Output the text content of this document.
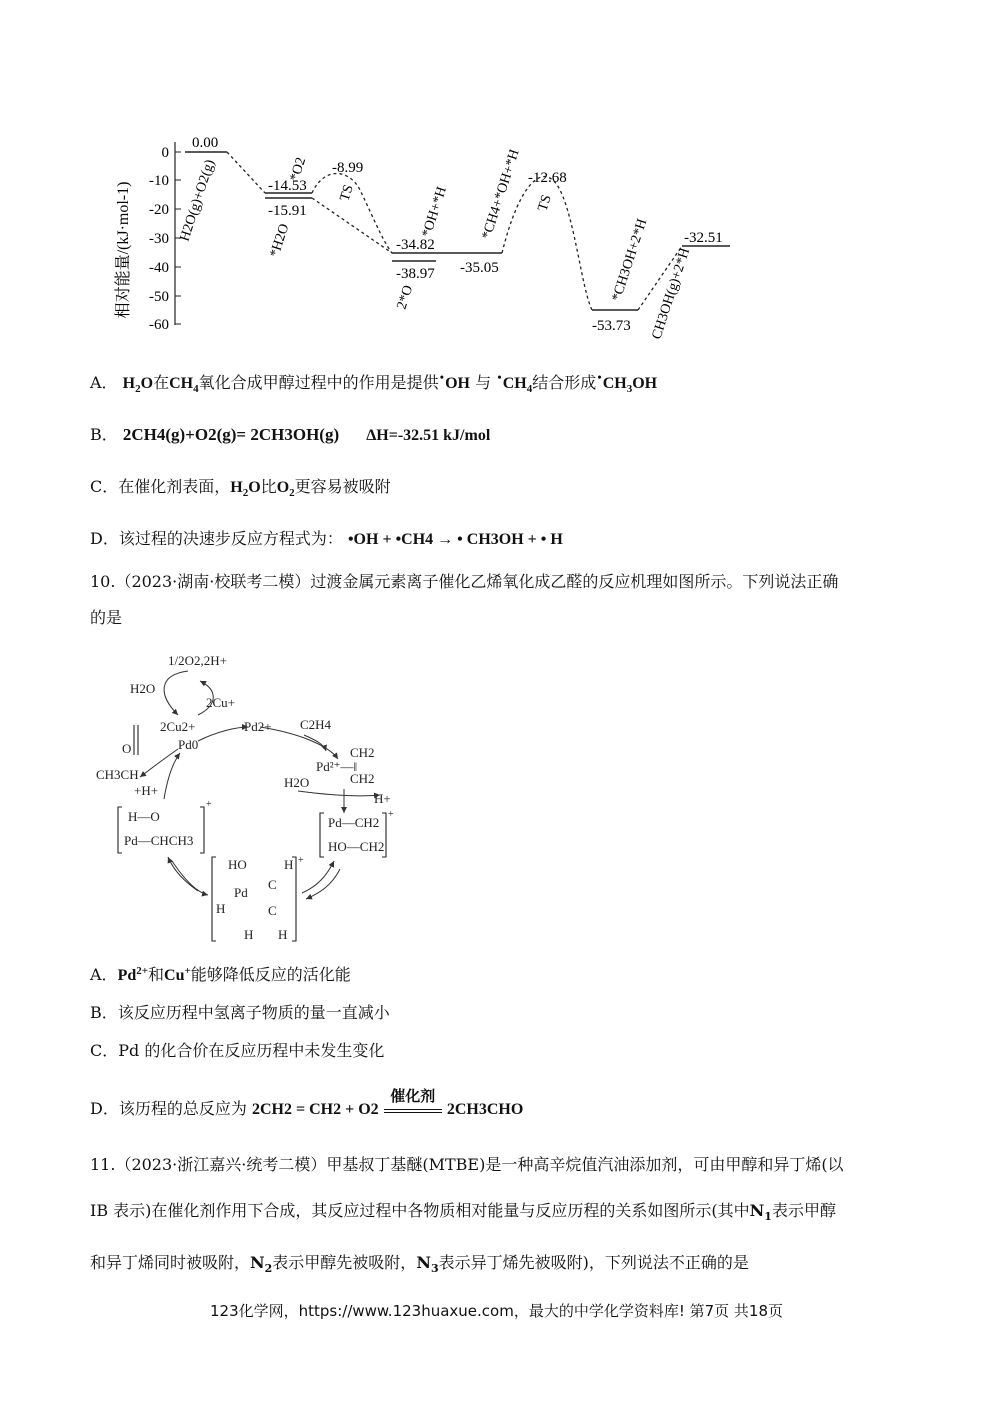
相对能量/(kJ·mol-1)
0
-10
-20
-30
-40
-50
-60
0.00
-14.53
-15.91
-8.99
-34.82
-38.97 -35.05
-12.68
-53.73
-32.51
H2O(g)+O2(g)	*O2
*H2O
TS	*OH+*H
2*O
*CH4+*OH+*H TS
*CH3OH+2*H CH3OH(g)+2*H
A． $H_2O$在$CH_4$氧化合成甲醇过程中的作用是提供•OH 与 $^•CH_4$结合形成$^•CH_3OH$
B． 2CH4(g)+O2(g)= 2CH3OH(g) ΔH=-32.51 kJ/mol
C．在催化剂表面，$H_2O$比$O_2$更容易被吸附
D．该过程的决速步反应方程式为： •OH + •CH4 → • CH3OH + • H
10.（2023·湖南·校联考二模）过渡金属元素离子催化乙烯氧化成乙醛的反应机理如图所示。下列说法正确
的是
1/2O2,2H+
H2O
2Cu+
2Cu2+
Pd0
Pd2+ C2H4
CH2
CH2
Pd²⁺—‖
H2O
H+
O
CH3CH
+H+
H—O
Pd—CHCH3
Pd—CH2
HO—CH2
HO	H
Pd
C
C
H
H H
+
+
+
A．$Pd^{2+}$和Cu+能够降低反应的活化能
B．该反应历程中氢离子物质的量一直减小
C．Pd 的化合价在反应历程中未发生变化
D．该历程的总反应为 2CH2 = CH2 + O2
催化剂
2CH3CHO
11.（2023·浙江嘉兴·统考二模）甲基叔丁基醚(MTBE)是一种高辛烷值汽油添加剂，可由甲醇和异丁烯(以
IB 表示)在催化剂作用下合成，其反应过程中各物质相对能量与反应历程的关系如图所示(其中$N_1$表示甲醇
和异丁烯同时被吸附，$N_2$表示甲醇先被吸附，$N_3$表示异丁烯先被吸附)，下列说法不正确的是
123化学网，https://www.123huaxue.com，最大的中学化学资料库! 第7页 共18页
